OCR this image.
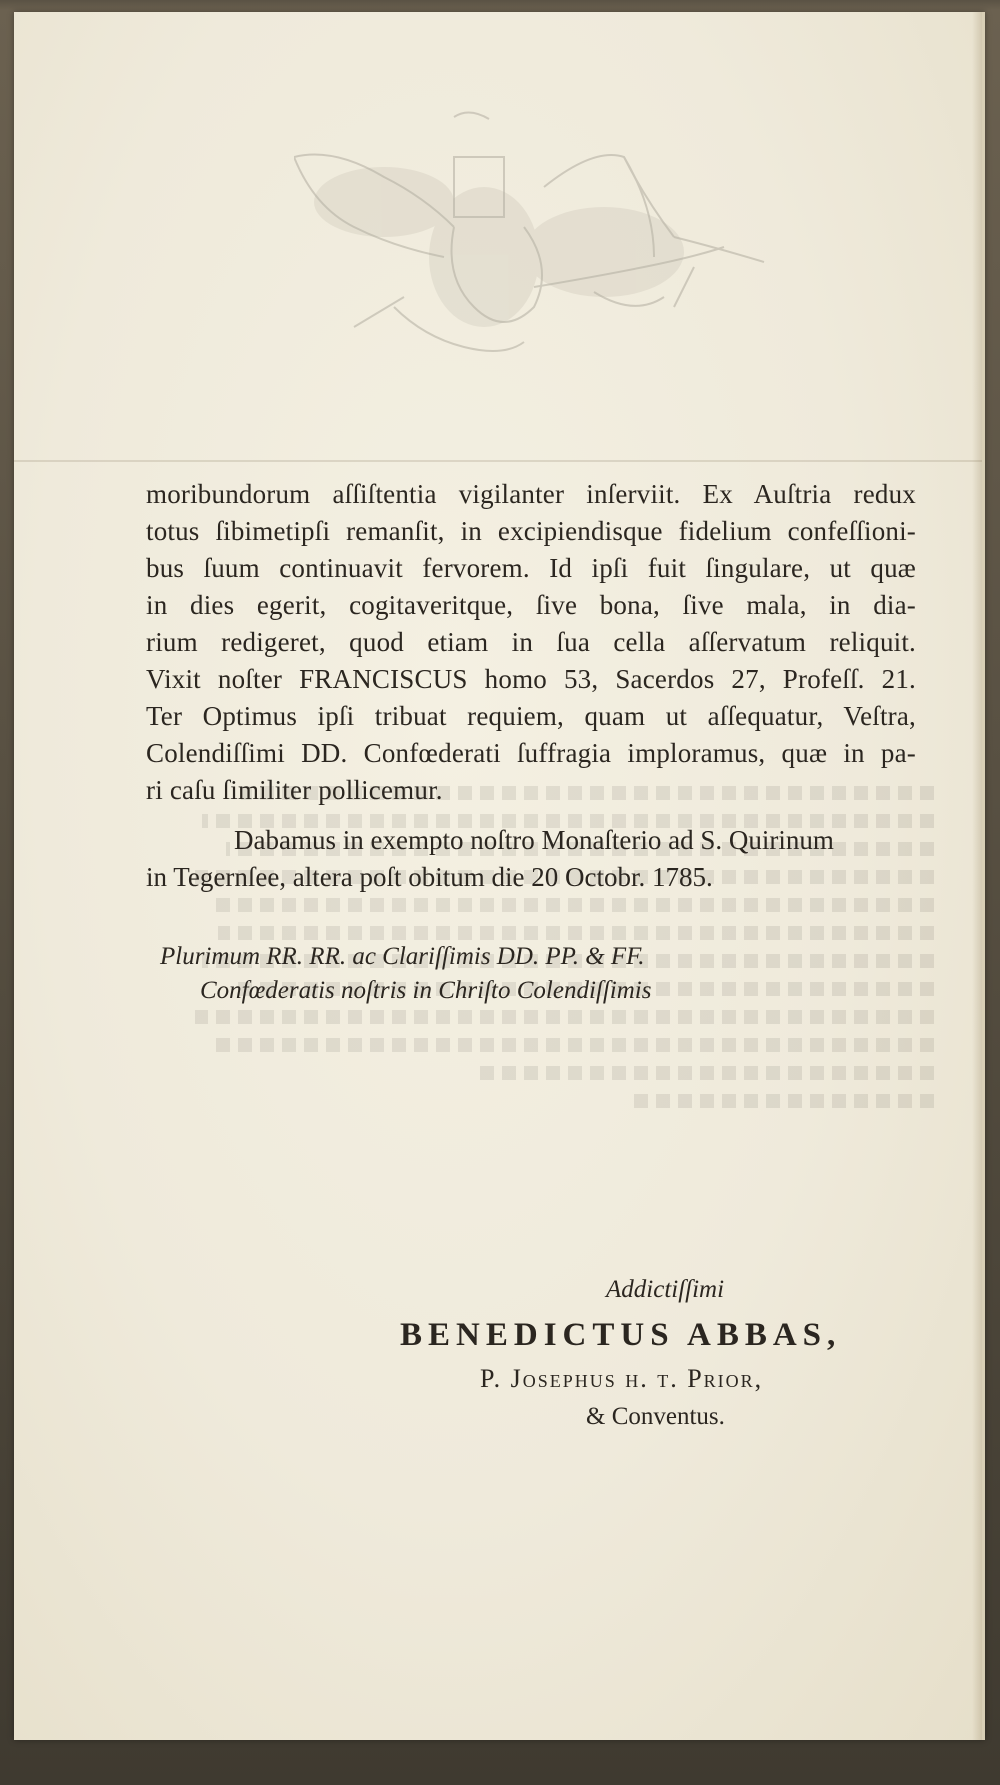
moribundorum aſſiſtentia vigilanter inſerviit. Ex Auſtria redux
totus ſibimetipſi remanſit, in excipiendisque fidelium confeſſioni-
bus ſuum continuavit fervorem. Id ipſi fuit ſingulare, ut quæ
in dies egerit, cogitaveritque, ſive bona, ſive mala, in dia-
rium redigeret, quod etiam in ſua cella aſſervatum reliquit.
Vixit noſter FRANCISCUS homo 53, Sacerdos 27, Profeſſ. 21.
Ter Optimus ipſi tribuat requiem, quam ut aſſequatur, Veſtra,
Colendiſſimi DD. Confœderati ſuffragia imploramus, quæ in pa-
ri caſu ſimiliter pollicemur.
Dabamus in exempto noſtro Monaſterio ad S. Quirinum
in Tegernſee, altera poſt obitum die 20 Octobr. 1785.
Plurimum RR. RR. ac Clariſſimis DD. PP. & FF.
Confœderatis noſtris in Chriſto Colendiſſimis
Addictiſſimi
BENEDICTUS ABBAS,
P. Josephus h. t. Prior,
& Conventus.
